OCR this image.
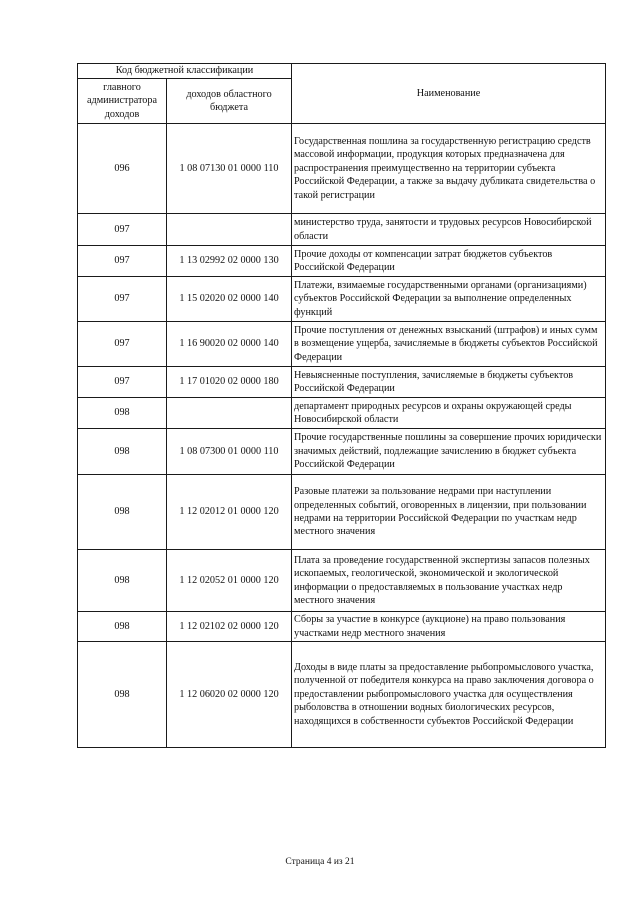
Код бюджетной классификации		Наименование
главного администратора доходов	доходов областного бюджета	
096	1 08 07130 01 0000 110	Государственная пошлина за государственную регистрацию средств массовой информации, продукция которых предназначена для распространения преимущественно на территории субъекта Российской Федерации, а также за выдачу дубликата свидетельства о такой регистрации
097		министерство труда, занятости и трудовых ресурсов Новосибирской области
097	1 13 02992 02 0000 130	Прочие доходы от компенсации затрат бюджетов субъектов Российской Федерации
097	1 15 02020 02 0000 140	Платежи, взимаемые государственными органами (организациями) субъектов Российской Федерации за выполнение определенных функций
097	1 16 90020 02 0000 140	Прочие поступления от денежных взысканий (штрафов) и иных сумм в возмещение ущерба, зачисляемые в бюджеты субъектов Российской Федерации
097	1 17 01020 02 0000 180	Невыясненные поступления, зачисляемые в бюджеты субъектов Российской Федерации
098		департамент природных ресурсов и охраны окружающей среды Новосибирской области
098	1 08 07300 01 0000 110	Прочие государственные пошлины за совершение прочих юридически значимых действий, подлежащие зачислению в бюджет субъекта Российской Федерации
098	1 12 02012 01 0000 120	Разовые платежи за пользование недрами при наступлении определенных событий, оговоренных в лицензии, при пользовании недрами на территории Российской Федерации по участкам недр местного значения
098	1 12 02052 01 0000 120	Плата за проведение государственной экспертизы запасов полезных ископаемых, геологической, экономической и экологической информации о предоставляемых в пользование участках недр местного значения
098	1 12 02102 02 0000 120	Сборы за участие в конкурсе (аукционе) на право пользования участками недр местного значения
098	1 12 06020 02 0000 120	Доходы в виде платы за предоставление рыбопромыслового участка, полученной от победителя конкурса на право заключения договора о предоставлении рыбопромыслового участка для осуществления рыболовства в отношении водных биологических ресурсов, находящихся в собственности субъектов Российской Федерации
Страница 4 из 21
